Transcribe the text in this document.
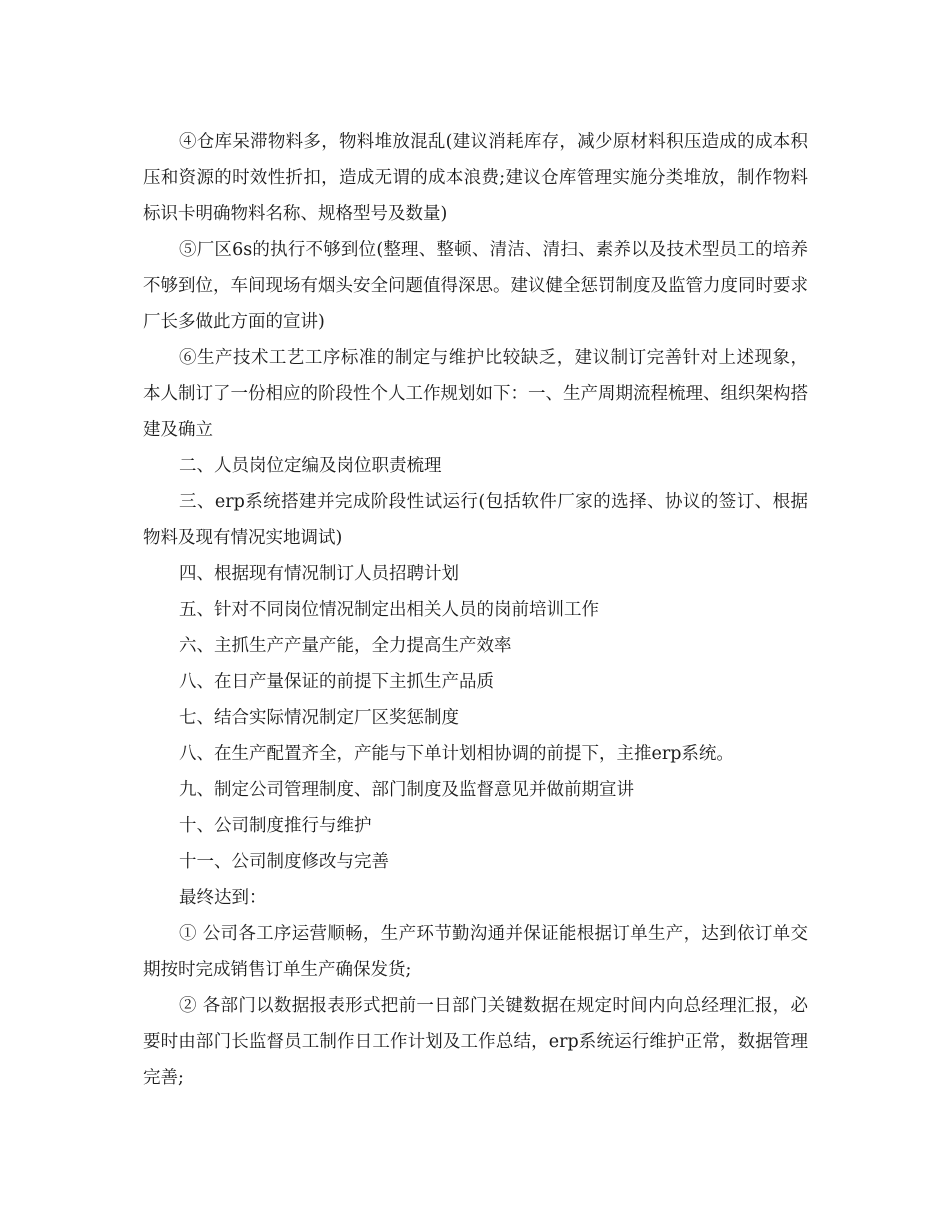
④仓库呆滞物料多，物料堆放混乱(建议消耗库存，减少原材料积压造成的成本积压和资源的时效性折扣，造成无谓的成本浪费;建议仓库管理实施分类堆放，制作物料标识卡明确物料名称、规格型号及数量)

⑤厂区6s的执行不够到位(整理、整顿、清洁、清扫、素养以及技术型员工的培养不够到位，车间现场有烟头安全问题值得深思。建议健全惩罚制度及监管力度同时要求厂长多做此方面的宣讲)

⑥生产技术工艺工序标准的制定与维护比较缺乏，建议制订完善针对上述现象，本人制订了一份相应的阶段性个人工作规划如下：一、生产周期流程梳理、组织架构搭建及确立

二、人员岗位定编及岗位职责梳理

三、erp系统搭建并完成阶段性试运行(包括软件厂家的选择、协议的签订、根据物料及现有情况实地调试)

四、根据现有情况制订人员招聘计划

五、针对不同岗位情况制定出相关人员的岗前培训工作

六、主抓生产产量产能，全力提高生产效率

八、在日产量保证的前提下主抓生产品质

七、结合实际情况制定厂区奖惩制度

八、在生产配置齐全，产能与下单计划相协调的前提下，主推erp系统。

九、制定公司管理制度、部门制度及监督意见并做前期宣讲

十、公司制度推行与维护

十一、公司制度修改与完善

最终达到：

① 公司各工序运营顺畅，生产环节勤沟通并保证能根据订单生产，达到依订单交期按时完成销售订单生产确保发货;

② 各部门以数据报表形式把前一日部门关键数据在规定时间内向总经理汇报，必要时由部门长监督员工制作日工作计划及工作总结，erp系统运行维护正常，数据管理完善;
